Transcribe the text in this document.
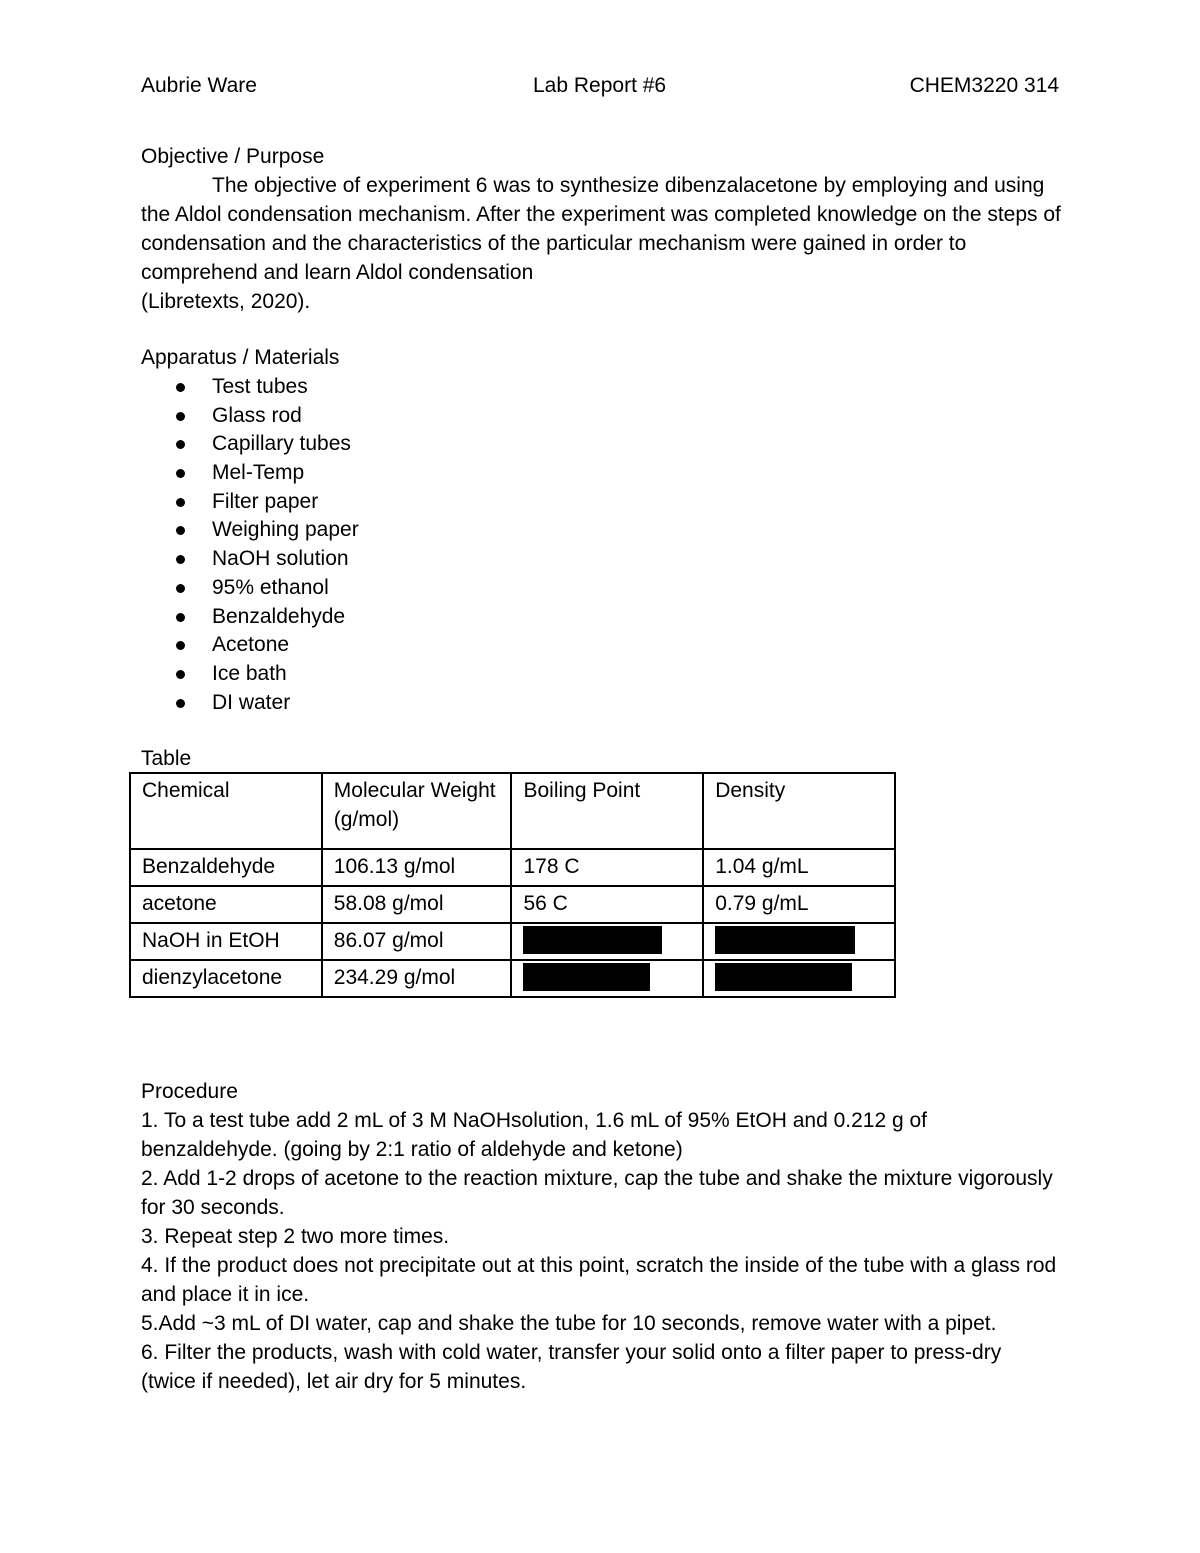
Aubrie Ware	Lab Report #6	CHEM3220 314

Objective / Purpose

The objective of experiment 6 was to synthesize dibenzalacetone by employing and using the Aldol condensation mechanism. After the experiment was completed knowledge on the steps of condensation and the characteristics of the particular mechanism were gained in order to comprehend and learn Aldol condensation

(Libretexts, 2020).

Apparatus / Materials

Test tubes
Glass rod
Capillary tubes
Mel-Temp
Filter paper
Weighing paper
NaOH solution
95% ethanol
Benzaldehyde
Acetone
Ice bath
DI water
Table
Chemical	Molecular Weight (g/mol)	Boiling Point	Density
Benzaldehyde	106.13 g/mol	178 C	1.04 g/mL
acetone	58.08 g/mol	56 C	0.79 g/mL
NaOH in EtOH	86.07 g/mol	

dienzylacetone	234.29 g/mol	

Procedure

1. To a test tube add 2 mL of 3 M NaOHsolution, 1.6 mL of 95% EtOH and 0.212 g of benzaldehyde. (going by 2:1 ratio of aldehyde and ketone)

2. Add 1-2 drops of acetone to the reaction mixture, cap the tube and shake the mixture vigorously for 30 seconds.

3. Repeat step 2 two more times.

4. If the product does not precipitate out at this point, scratch the inside of the tube with a glass rod and place it in ice.

5.Add ~3 mL of DI water, cap and shake the tube for 10 seconds, remove water with a pipet.

6. Filter the products, wash with cold water, transfer your solid onto a filter paper to press-dry (twice if needed), let air dry for 5 minutes.
